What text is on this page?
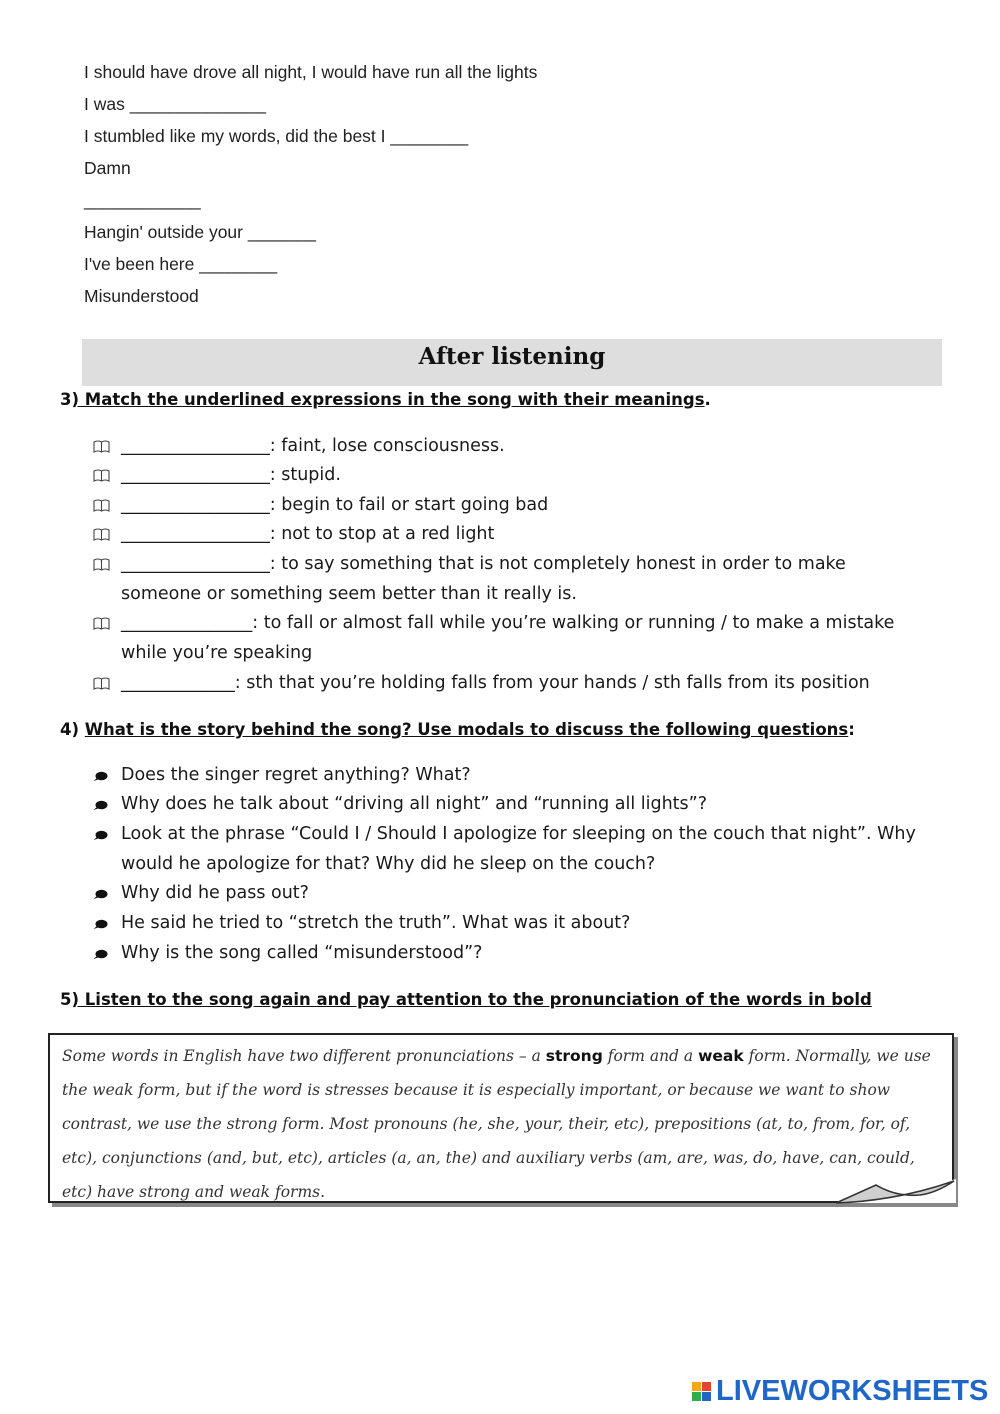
I should have drove all night, I would have run all the lights
I was ______________
I stumbled like my words, did the best I ________
Damn
____________
Hangin' outside your _______
I've been here ________
Misunderstood
After listening
3) Match the underlined expressions in the song with their meanings.
_________________: faint, lose consciousness.
_________________: stupid.
_________________: begin to fail or start going bad
_________________: not to stop at a red light
_________________: to say something that is not completely honest in order to make someone or something seem better than it really is.
_______________: to fall or almost fall while you’re walking or running / to make a mistake while you’re speaking
_____________: sth that you’re holding falls from your hands / sth falls from its position
4) What is the story behind the song? Use modals to discuss the following questions:
Does the singer regret anything? What?
Why does he talk about “driving all night” and “running all lights”?
Look at the phrase “Could I / Should I apologize for sleeping on the couch that night”. Why would he apologize for that? Why did he sleep on the couch?
Why did he pass out?
He said he tried to “stretch the truth”. What was it about?
Why is the song called “misunderstood”?
5) Listen to the song again and pay attention to the pronunciation of the words in bold
Some words in English have two different pronunciations – a strong form and a weak form. Normally, we use the weak form, but if the word is stresses because it is especially important, or because we want to show contrast, we use the strong form. Most pronouns (he, she, your, their, etc), prepositions (at, to, from, for, of, etc), conjunctions (and, but, etc), articles (a, an, the) and auxiliary verbs (am, are, was, do, have, can, could, etc) have strong and weak forms.
LIVEWORKSHEETS
